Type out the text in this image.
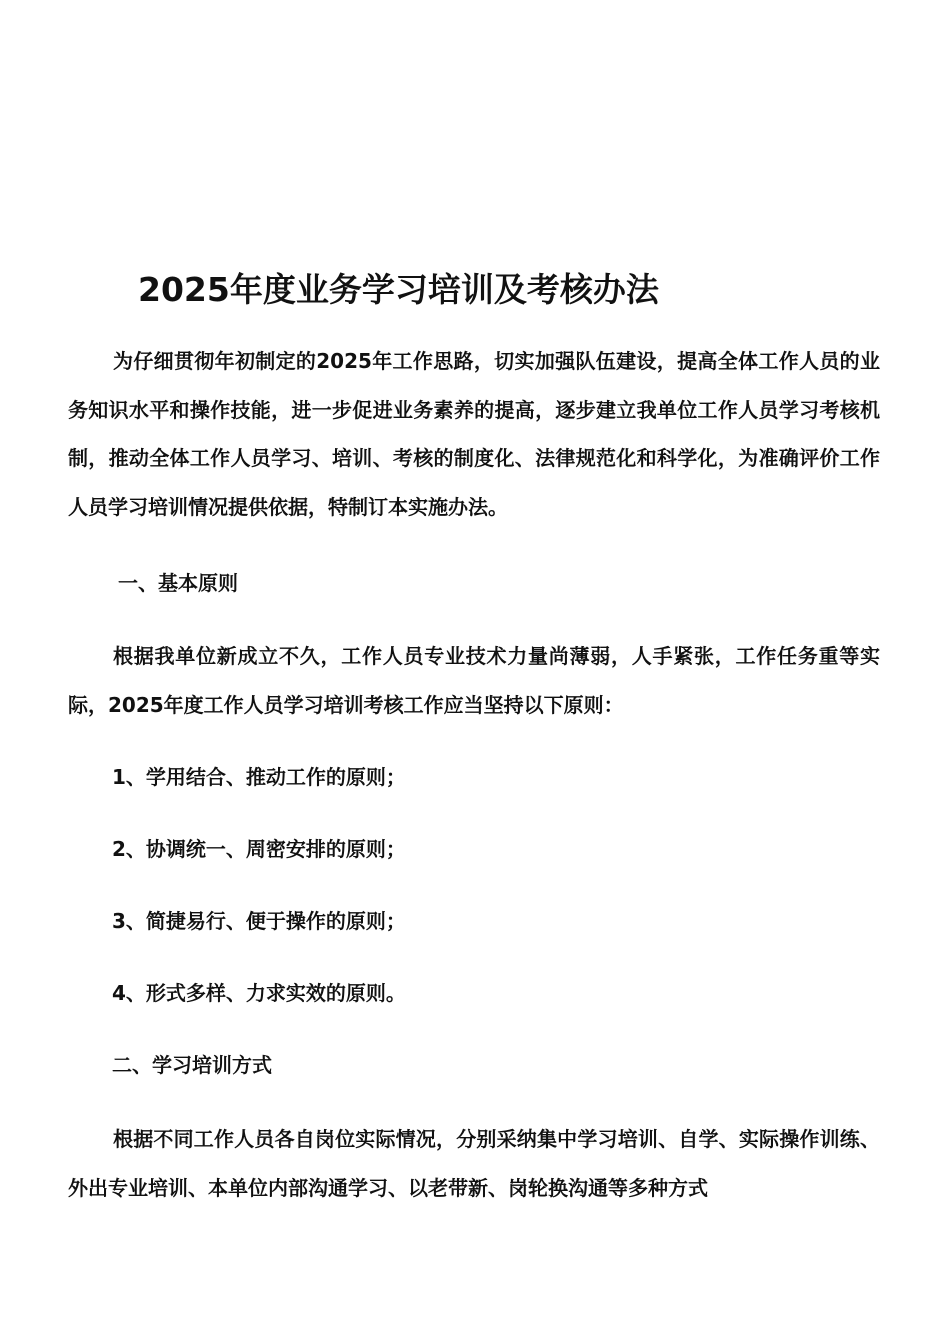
2025年度业务学习培训及考核办法

为仔细贯彻年初制定的2025年工作思路，切实加强队伍建设，提高全体工作人员的业务知识水平和操作技能，进一步促进业务素养的提高，逐步建立我单位工作人员学习考核机制，推动全体工作人员学习、培训、考核的制度化、法律规范化和科学化，为准确评价工作人员学习培训情况提供依据，特制订本实施办法。

一、基本原则

根据我单位新成立不久，工作人员专业技术力量尚薄弱，人手紧张，工作任务重等实际，2025年度工作人员学习培训考核工作应当坚持以下原则：

1、学用结合、推动工作的原则；
2、协调统一、周密安排的原则；
3、简捷易行、便于操作的原则；
4、形式多样、力求实效的原则。
二、学习培训方式

根据不同工作人员各自岗位实际情况，分别采纳集中学习培训、自学、实际操作训练、外出专业培训、本单位内部沟通学习、以老带新、岗轮换沟通等多种方式
